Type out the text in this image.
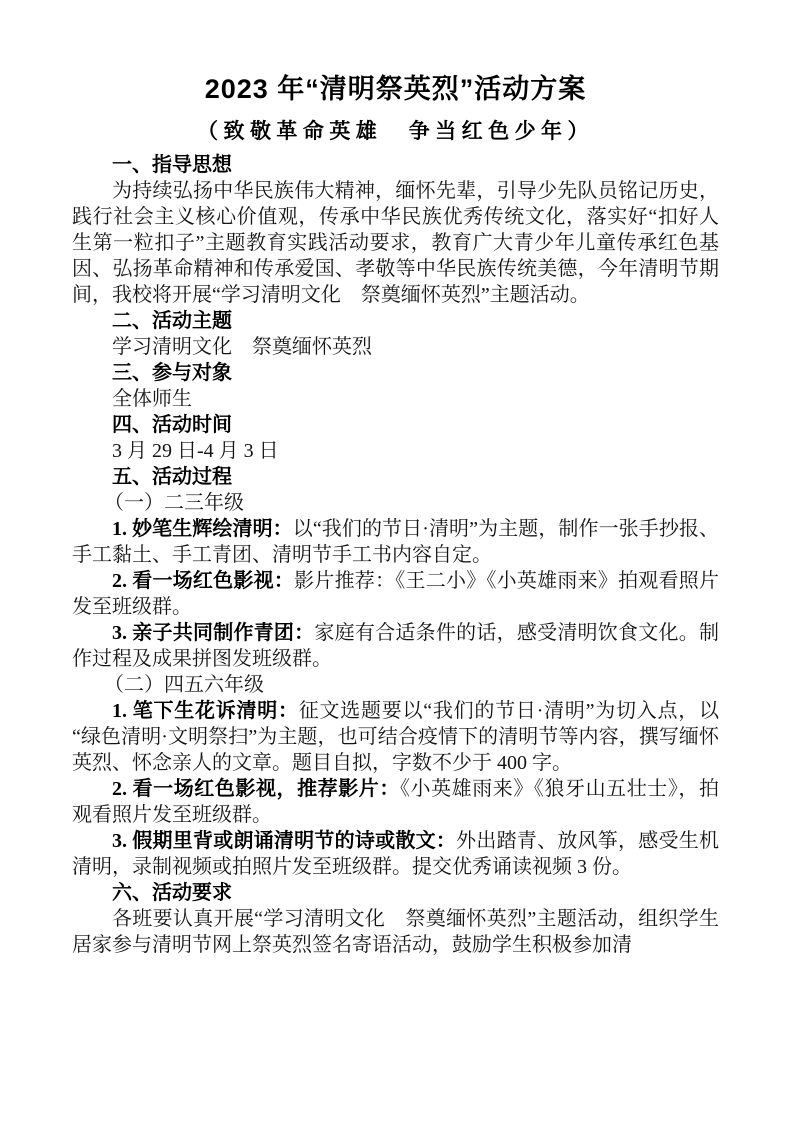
2023 年“清明祭英烈”活动方案
（致敬革命英雄　争当红色少年）

一、指导思想

为持续弘扬中华民族伟大精神，缅怀先辈，引导少先队员铭记历史，践行社会主义核心价值观，传承中华民族优秀传统文化，落实好“扣好人生第一粒扣子”主题教育实践活动要求，教育广大青少年儿童传承红色基因、弘扬革命精神和传承爱国、孝敬等中华民族传统美德，今年清明节期间，我校将开展“学习清明文化　祭奠缅怀英烈”主题活动。

二、活动主题

学习清明文化　祭奠缅怀英烈

三、参与对象

全体师生

四、活动时间

3 月 29 日-4 月 3 日

五、活动过程

（一）二三年级

1. 妙笔生辉绘清明：以“我们的节日·清明”为主题，制作一张手抄报、手工黏土、手工青团、清明节手工书内容自定。

2. 看一场红色影视：影片推荐：《王二小》《小英雄雨来》拍观看照片发至班级群。

3. 亲子共同制作青团：家庭有合适条件的话，感受清明饮食文化。制作过程及成果拼图发班级群。

（二）四五六年级

1. 笔下生花诉清明：征文选题要以“我们的节日·清明”为切入点，以“绿色清明·文明祭扫”为主题，也可结合疫情下的清明节等内容，撰写缅怀英烈、怀念亲人的文章。题目自拟，字数不少于 400 字。

2. 看一场红色影视，推荐影片：《小英雄雨来》《狼牙山五壮士》，拍观看照片发至班级群。

3. 假期里背或朗诵清明节的诗或散文：外出踏青、放风筝，感受生机清明，录制视频或拍照片发至班级群。提交优秀诵读视频 3 份。

六、活动要求

各班要认真开展“学习清明文化　祭奠缅怀英烈”主题活动，组织学生居家参与清明节网上祭英烈签名寄语活动，鼓励学生积极参加清
